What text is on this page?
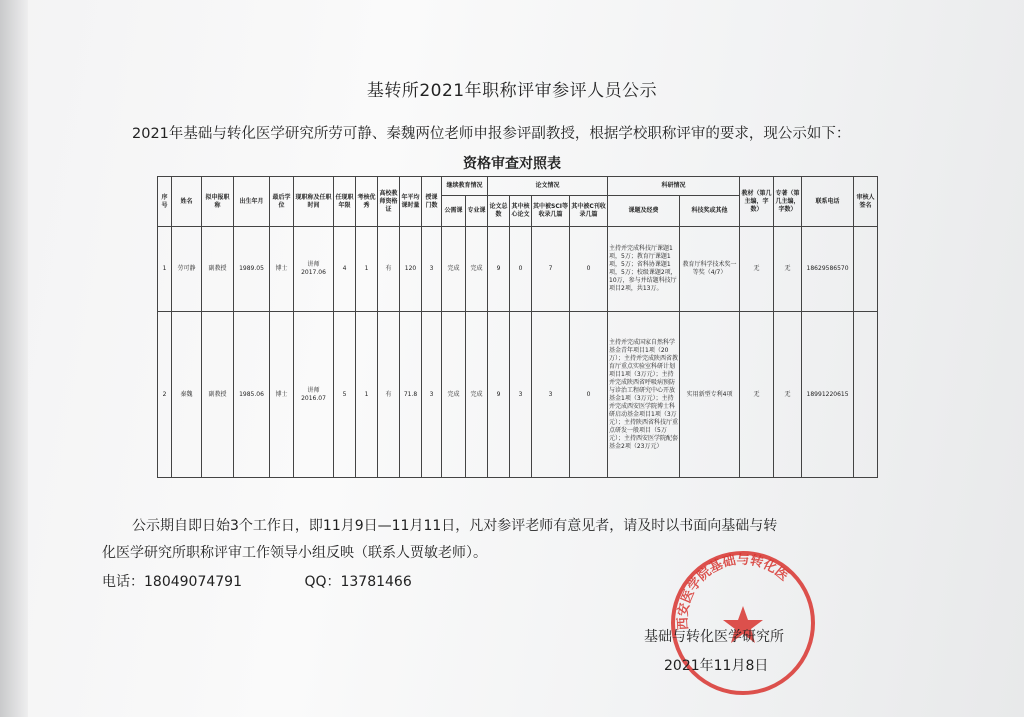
基转所2021年职称评审参评人员公示
2021年基础与转化医学研究所劳可静、秦魏两位老师申报参评副教授，根据学校职称评审的要求，现公示如下：
资格审查对照表
序号	姓名	拟申报职称	出生年月	最后学位	现职称及任职时间	任现职年限	考核优秀	高校教师资格证	年平均课时量	授课门数	继续教育情况		论文情况				科研情况		教材（第几主编，字数）	专著（第几主编，字数）	联系电话	审核人签名
											公需课	专业课	论文总数	其中核心论文	其中被SCI等收录几篇	其中被C刊收录几篇	课题及经费	科技奖或其他				
1	劳可静	副教授	1989.05	博士	讲师 2017.06	4	1	有	120	3	完成	完成	9	0	7	0	主持并完成科技厅课题1项，5万；教育厅课题1项，5万；省科协课题1项，5万；校级课题2项，10万，参与并结题科技厅项目2项，共13万。	教育厅科学技术奖一等奖（4/7）	无	无	18629586570	
2	秦魏	副教授	1985.06	博士	讲师 2016.07	5	1	有	71.8	3	完成	完成	9	3	3	0	主持并完成国家自然科学基金青年项目1项（20万）；主持并完成陕西省教育厅重点实验室科研计划项目1项（3万元）；主持并完成陕西省呼吸病预防与诊治工程研究中心开放基金1项（3万元）；主持并完成西安医学院博士科研启动基金项目1项（3万元）；主持陕西省科技厅重点研发一般项目（5万元）；主持西安医学院配套基金2项（23万元）	实用新型专利4项	无	无	18991220615	
公示期自即日始3个工作日，即11月9日—11月11日，凡对参评老师有意见者，请及时以书面向基础与转
化医学研究所职称评审工作领导小组反映（联系人贾敏老师）。
电话：18049074791	QQ：13781466
西安医学院基础与转化医
基础与转化医学研究所
2021年11月8日
